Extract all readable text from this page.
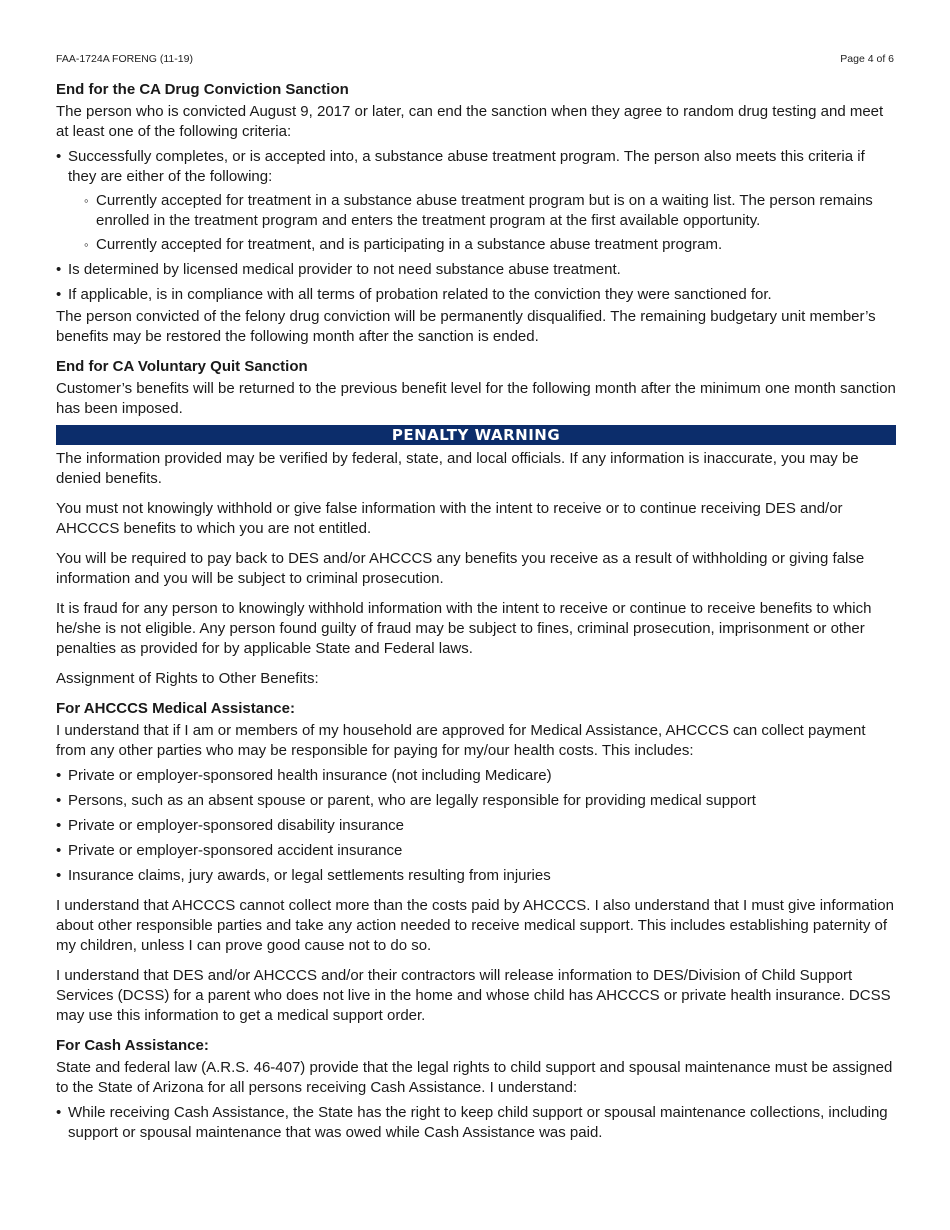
FAA-1724A FORENG (11-19)	Page 4 of 6
End for the CA Drug Conviction Sanction

The person who is convicted August 9, 2017 or later, can end the sanction when they agree to random drug testing and meet at least one of the following criteria:

• Successfully completes, or is accepted into, a substance abuse treatment program. The person also meets this criteria if they are either of the following:
◦ Currently accepted for treatment in a substance abuse treatment program but is on a waiting list. The person remains enrolled in the treatment program and enters the treatment program at the first available opportunity.
◦ Currently accepted for treatment, and is participating in a substance abuse treatment program.
• Is determined by licensed medical provider to not need substance abuse treatment.
• If applicable, is in compliance with all terms of probation related to the conviction they were sanctioned for.

The person convicted of the felony drug conviction will be permanently disqualified. The remaining budgetary unit member’s benefits may be restored the following month after the sanction is ended.

End for CA Voluntary Quit Sanction

Customer’s benefits will be returned to the previous benefit level for the following month after the minimum one month sanction has been imposed.

PENALTY WARNING

The information provided may be verified by federal, state, and local officials. If any information is inaccurate, you may be denied benefits.

You must not knowingly withhold or give false information with the intent to receive or to continue receiving DES and/or AHCCCS benefits to which you are not entitled.

You will be required to pay back to DES and/or AHCCCS any benefits you receive as a result of withholding or giving false information and you will be subject to criminal prosecution.

It is fraud for any person to knowingly withhold information with the intent to receive or continue to receive benefits to which he/she is not eligible. Any person found guilty of fraud may be subject to fines, criminal prosecution, imprisonment or other penalties as provided for by applicable State and Federal laws.

Assignment of Rights to Other Benefits:

For AHCCCS Medical Assistance:

I understand that if I am or members of my household are approved for Medical Assistance, AHCCCS can collect payment from any other parties who may be responsible for paying for my/our health costs. This includes:

• Private or employer-sponsored health insurance (not including Medicare)
• Persons, such as an absent spouse or parent, who are legally responsible for providing medical support
• Private or employer-sponsored disability insurance
• Private or employer-sponsored accident insurance
• Insurance claims, jury awards, or legal settlements resulting from injuries

I understand that AHCCCS cannot collect more than the costs paid by AHCCCS. I also understand that I must give information about other responsible parties and take any action needed to receive medical support. This includes establishing paternity of my children, unless I can prove good cause not to do so.

I understand that DES and/or AHCCCS and/or their contractors will release information to DES/Division of Child Support Services (DCSS) for a parent who does not live in the home and whose child has AHCCCS or private health insurance. DCSS may use this information to get a medical support order.

For Cash Assistance:

State and federal law (A.R.S. 46-407) provide that the legal rights to child support and spousal maintenance must be assigned to the State of Arizona for all persons receiving Cash Assistance. I understand:

• While receiving Cash Assistance, the State has the right to keep child support or spousal maintenance collections, including support or spousal maintenance that was owed while Cash Assistance was paid.
